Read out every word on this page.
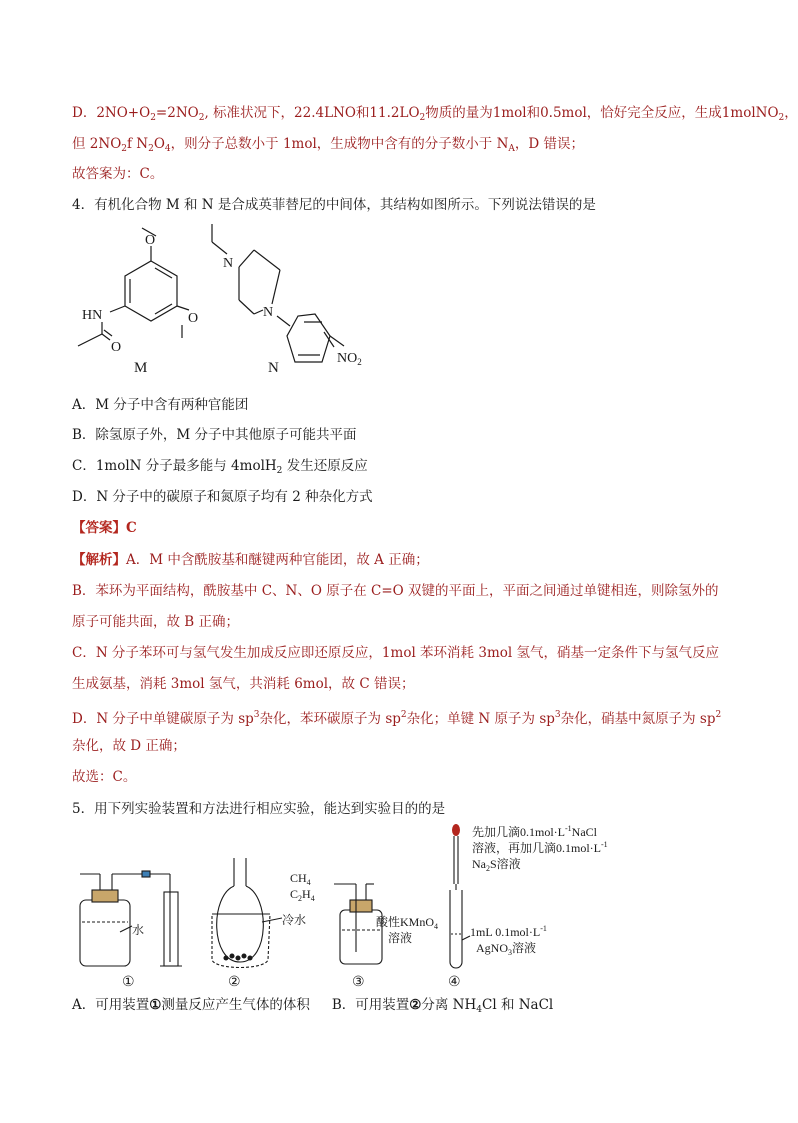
D．$2NO+O_2=2NO_2$, 标准状况下，22.4LNO和$11.2LO_2$物质的量为1mol和0.5mol，恰好完全反应，生成1molNO$_2$，
但 $2NO_2f$ $N_2O_4$，则分子总数小于 1mol，生成物中含有的分子数小于 $N_A$，D 错误；
故答案为：C。
4．有机化合物 M 和 N 是合成英菲替尼的中间体，其结构如图所示。下列说法错误的是
O
O
HN
O
N
N
$NO_2$
M	N
A．M 分子中含有两种官能团
B．除氢原子外，M 分子中其他原子可能共平面
C．1molN 分子最多能与 4molH$_2$ 发生还原反应
D．N 分子中的碳原子和氮原子均有 2 种杂化方式
【答案】C
【解析】A．M 中含酰胺基和醚键两种官能团，故 A 正确；
B．苯环为平面结构，酰胺基中 C、N、O 原子在 C=O 双键的平面上，平面之间通过单键相连，则除氢外的
原子可能共面，故 B 正确；
C．N 分子苯环可与氢气发生加成反应即还原反应，1mol 苯环消耗 3mol 氢气，硝基一定条件下与氢气反应
生成氨基，消耗 3mol 氢气，共消耗 6mol，故 C 错误；
D．N 分子中单键碳原子为 $sp^3$杂化，苯环碳原子为 $sp^2$杂化；单键 N 原子为 $sp^3$杂化，硝基中氮原子为 $sp^2$
杂化，故 D 正确；
故选：C。
5．用下列实验装置和方法进行相应实验，能达到实验目的的是
水
冷水
$CH_4$
$C_2H_4$
酸性KMnO$_4$
溶液
先加几滴$0.1mol\cdot L^{-1}NaCl$
溶液，再加几滴$0.1mol\cdot L^{-1}$
$Na_2S$溶液
1mL $0.1mol\cdot L^{-1}$
AgNO$_3$溶液
①	②	③	④
A．可用装置①测量反应产生气体的体积 B．可用装置②分离 $NH_4Cl$ 和 NaCl
